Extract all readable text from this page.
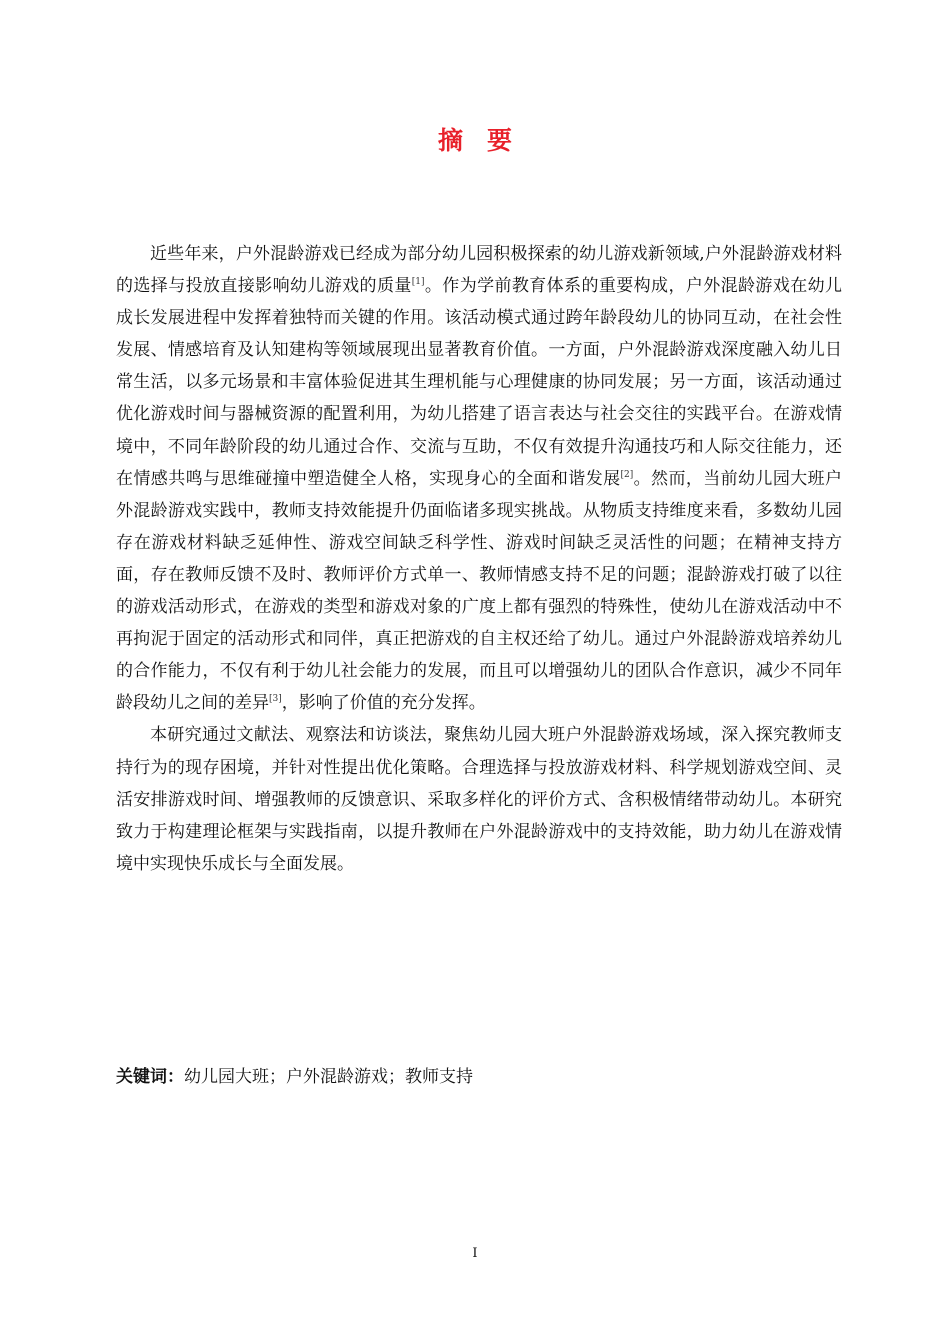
摘要

近些年来，户外混龄游戏已经成为部分幼儿园积极探索的幼儿游戏新领域,户外混龄游戏材料的选择与投放直接影响幼儿游戏的质量[1]。作为学前教育体系的重要构成，户外混龄游戏在幼儿成长发展进程中发挥着独特而关键的作用。该活动模式通过跨年龄段幼儿的协同互动，在社会性发展、情感培育及认知建构等领域展现出显著教育价值。一方面，户外混龄游戏深度融入幼儿日常生活，以多元场景和丰富体验促进其生理机能与心理健康的协同发展；另一方面，该活动通过优化游戏时间与器械资源的配置利用，为幼儿搭建了语言表达与社会交往的实践平台。在游戏情境中，不同年龄阶段的幼儿通过合作、交流与互助，不仅有效提升沟通技巧和人际交往能力，还在情感共鸣与思维碰撞中塑造健全人格，实现身心的全面和谐发展[2]。然而，当前幼儿园大班户外混龄游戏实践中，教师支持效能提升仍面临诸多现实挑战。从物质支持维度来看，多数幼儿园存在游戏材料缺乏延伸性、游戏空间缺乏科学性、游戏时间缺乏灵活性的问题；在精神支持方面，存在教师反馈不及时、教师评价方式单一、教师情感支持不足的问题；混龄游戏打破了以往的游戏活动形式，在游戏的类型和游戏对象的广度上都有强烈的特殊性，使幼儿在游戏活动中不再拘泥于固定的活动形式和同伴，真正把游戏的自主权还给了幼儿。通过户外混龄游戏培养幼儿的合作能力，不仅有利于幼儿社会能力的发展，而且可以增强幼儿的团队合作意识，减少不同年龄段幼儿之间的差异[3]，影响了价值的充分发挥。

本研究通过文献法、观察法和访谈法，聚焦幼儿园大班户外混龄游戏场域，深入探究教师支持行为的现存困境，并针对性提出优化策略。合理选择与投放游戏材料、科学规划游戏空间、灵活安排游戏时间、增强教师的反馈意识、采取多样化的评价方式、含积极情绪带动幼儿。本研究致力于构建理论框架与实践指南，以提升教师在户外混龄游戏中的支持效能，助力幼儿在游戏情境中实现快乐成长与全面发展。

关键词：幼儿园大班；户外混龄游戏；教师支持

I
